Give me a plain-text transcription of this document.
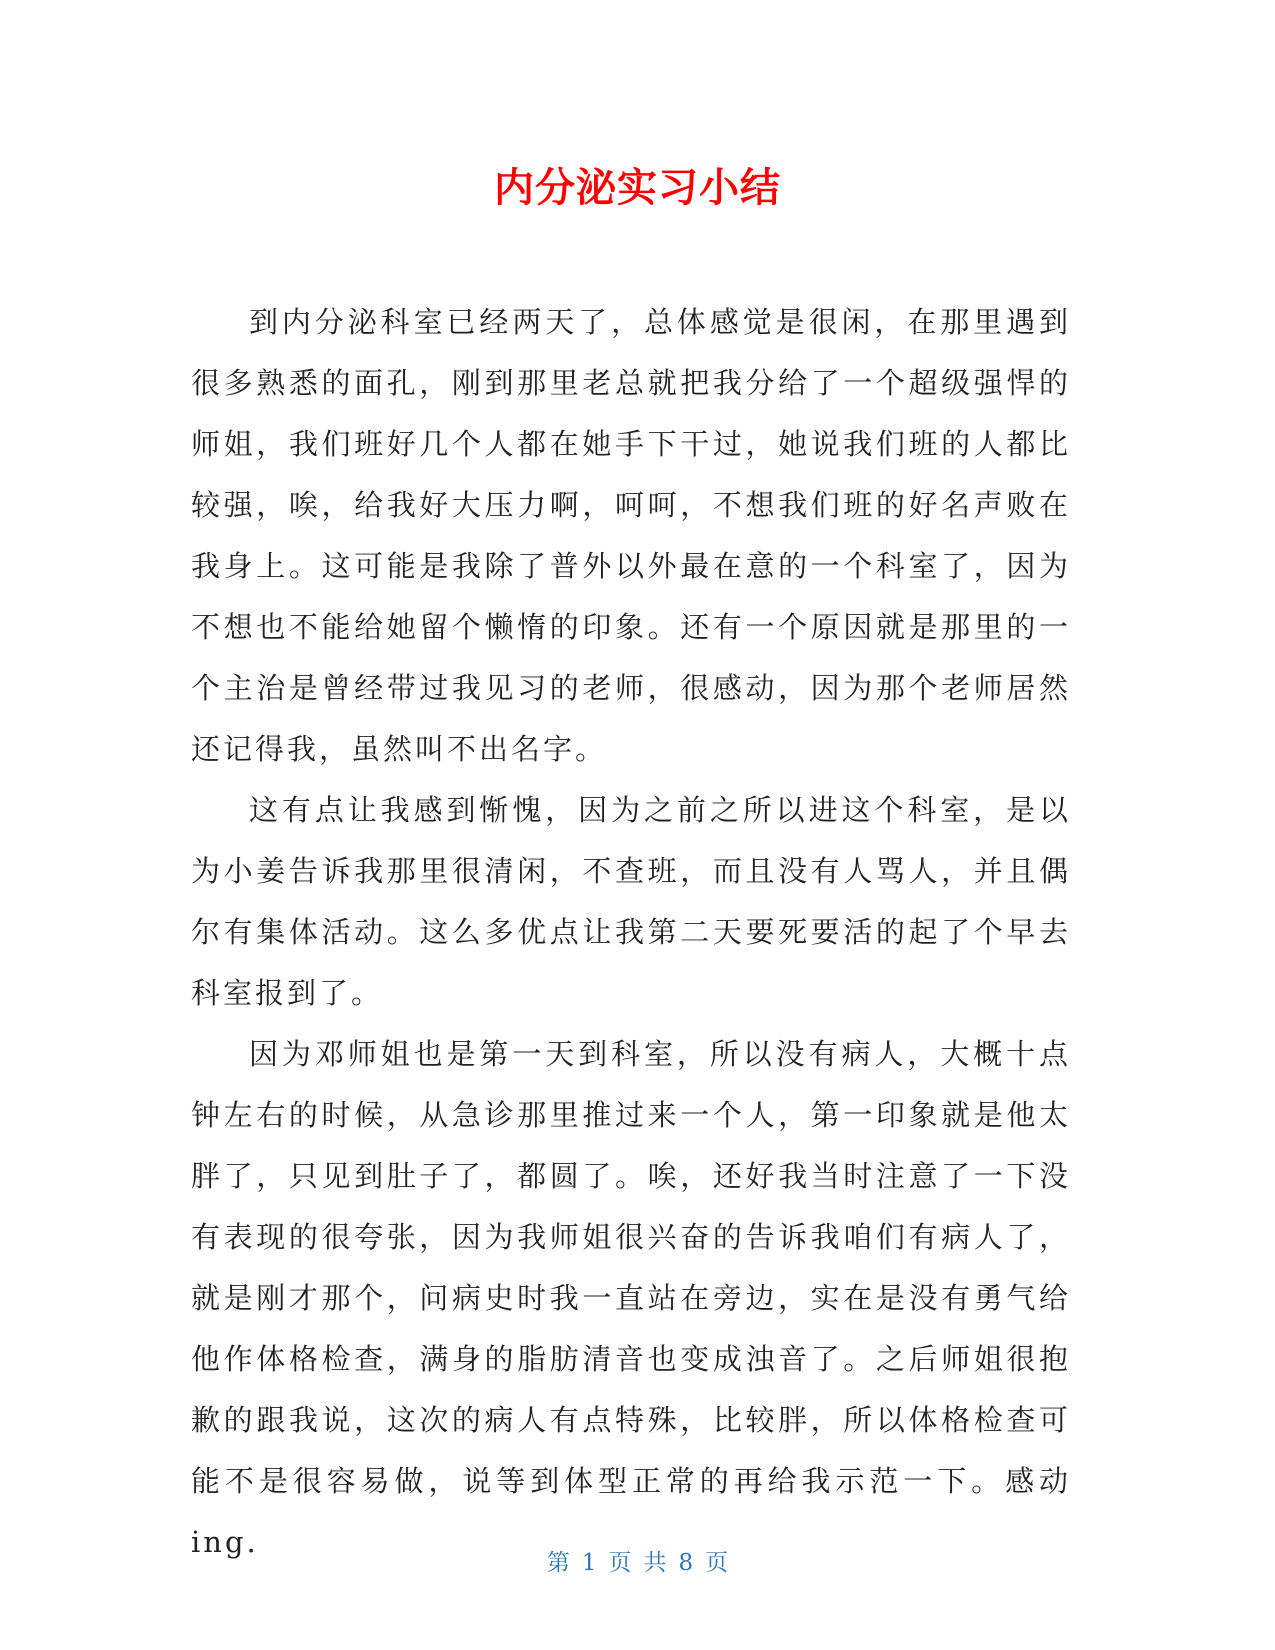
内分泌实习小结

到内分泌科室已经两天了，总体感觉是很闲，在那里遇到很多熟悉的面孔，刚到那里老总就把我分给了一个超级强悍的师姐，我们班好几个人都在她手下干过，她说我们班的人都比较强，唉，给我好大压力啊，呵呵，不想我们班的好名声败在我身上。这可能是我除了普外以外最在意的一个科室了，因为不想也不能给她留个懒惰的印象。还有一个原因就是那里的一个主治是曾经带过我见习的老师，很感动，因为那个老师居然还记得我，虽然叫不出名字。

这有点让我感到惭愧，因为之前之所以进这个科室，是以为小姜告诉我那里很清闲，不查班，而且没有人骂人，并且偶尔有集体活动。这么多优点让我第二天要死要活的起了个早去科室报到了。

因为邓师姐也是第一天到科室，所以没有病人，大概十点钟左右的时候，从急诊那里推过来一个人，第一印象就是他太胖了，只见到肚子了，都圆了。唉，还好我当时注意了一下没有表现的很夸张，因为我师姐很兴奋的告诉我咱们有病人了，就是刚才那个，问病史时我一直站在旁边，实在是没有勇气给他作体格检查，满身的脂肪清音也变成浊音了。之后师姐很抱歉的跟我说，这次的病人有点特殊，比较胖，所以体格检查可能不是很容易做，说等到体型正常的再给我示范一下。感动ing.

第 1 页 共 8 页
